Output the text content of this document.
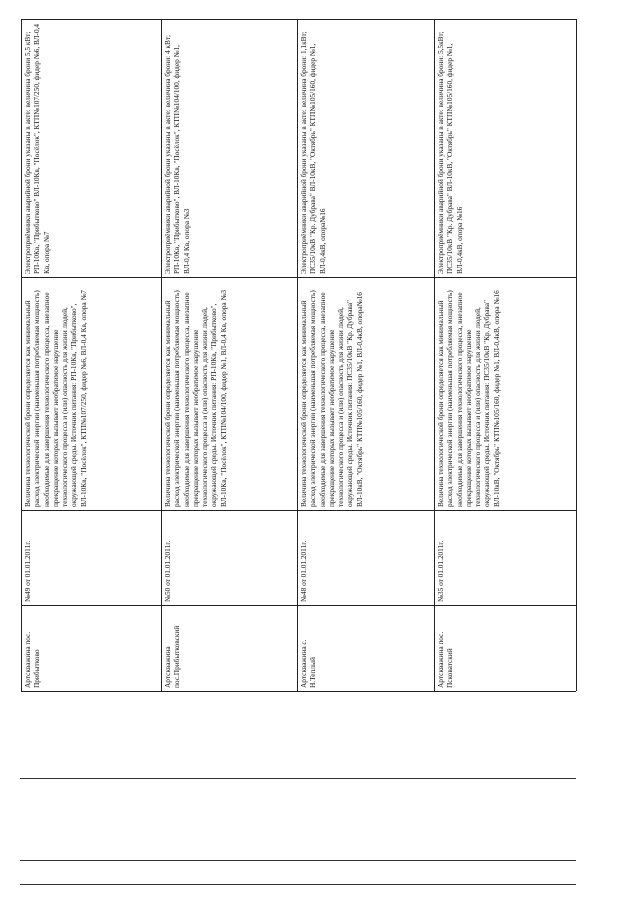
Электроприёмники аварийной брони указаны в акте: величина брони 5,5 кВт; РП-10Кв, "Прибытково" ВЛ-10Кв, "Посёлок", КТП№107/250, фидер №6, ВЛ-0,4 Кв, опора №7
Величина технологической брони определяется как минимальный расход электрической энергии (наименьшая потребляемая мощность) необходимые для завершения технологического процесса, внезапное прекращение которых вызывает необратимое нарушение технологического процесса и (или) опасность для жизни людей, окружающей среды. Источник питания: РП-10Кв, "Прибытково", ВЛ-10Кв, "Посёлок", КТП№107/250, фидер №6, ВЛ-0,4 Кв, опора №7
№49 от 01.01.2011г.
Артскважина пос. Прибытково
Электроприёмники аварийной брони указаны в акте: величина брони: 4 кВт; РП-10Кв, "Прибытково", ВЛ-10Кв, "Посёлок", КТП№104/100, фидер №1, ВЛ-0,4 Кв, опора №3
Величина технологической брони определяется как минимальный расход электрической энергии (наименьшая потребляемая мощность) необходимые для завершения технологического процесса, внезапное прекращение которых вызывает необратимое нарушение технологического процесса и (или) опасность для жизни людей, окружающей среды. Источник питания: РП-10Кв, "Прибытково", ВЛ-10Кв, "Посёлок", КТП№104/100, фидер №1, ВЛ-0,4 Кв, опора №3
№50 от 01.01.2011г.
Артскважина пос.Прибытковский
Электроприёмники аварийной брони указаны в акте: величина брони: 1,1кВт; ПС35/10кВ "Кр. Дубрава" ВЛ-10кВ, "Октябрь" КТП№105/160, фидер №1, ВЛ-0,4кВ, опора№16
Величина технологической брони определяется как минимальный расход электрической энергии (наименьшая потребляемая мощность) необходимые для завершения технологического процесса, внезапное прекращение которых вызывает необратимое нарушение технологического процесса и (или) опасность для жизни людей, окружающей среды. Источник питания: ПС35/10кВ "Кр. Дубрава" ВЛ-10кВ, "Октябрь" КТП№105/160, фидер №1, ВЛ-0,4кВ, опора№16
№48 от 01.01.2011г.
Артскважина с. Н.Теплый
Электроприёмники аварийной брони указаны в акте: величина брони: 5,5кВт; ПС35/10кВ "Кр. Дубрава" ВЛ-10кВ, "Октябрь" КТП№105/160, фидер №1, ВЛ-0,4кВ, опора №16
Величина технологической брони определяется как минимальный расход электрической энергии (наименьшая потребляемая мощность) необходимые для завершения технологического процесса, внезапное прекращение которых вызывает необратимое нарушение технологического процесса и (или) опасность для жизни людей, окружающей среды. Источник питания: ПС35/10кВ "Кр. Дубрава" ВЛ-10кВ, "Октябрь" КТП№105/160, фидер №1, ВЛ-0,4кВ, опора №16
№35 от 01.01.2011г.
Артскважина пос. Псковатский
